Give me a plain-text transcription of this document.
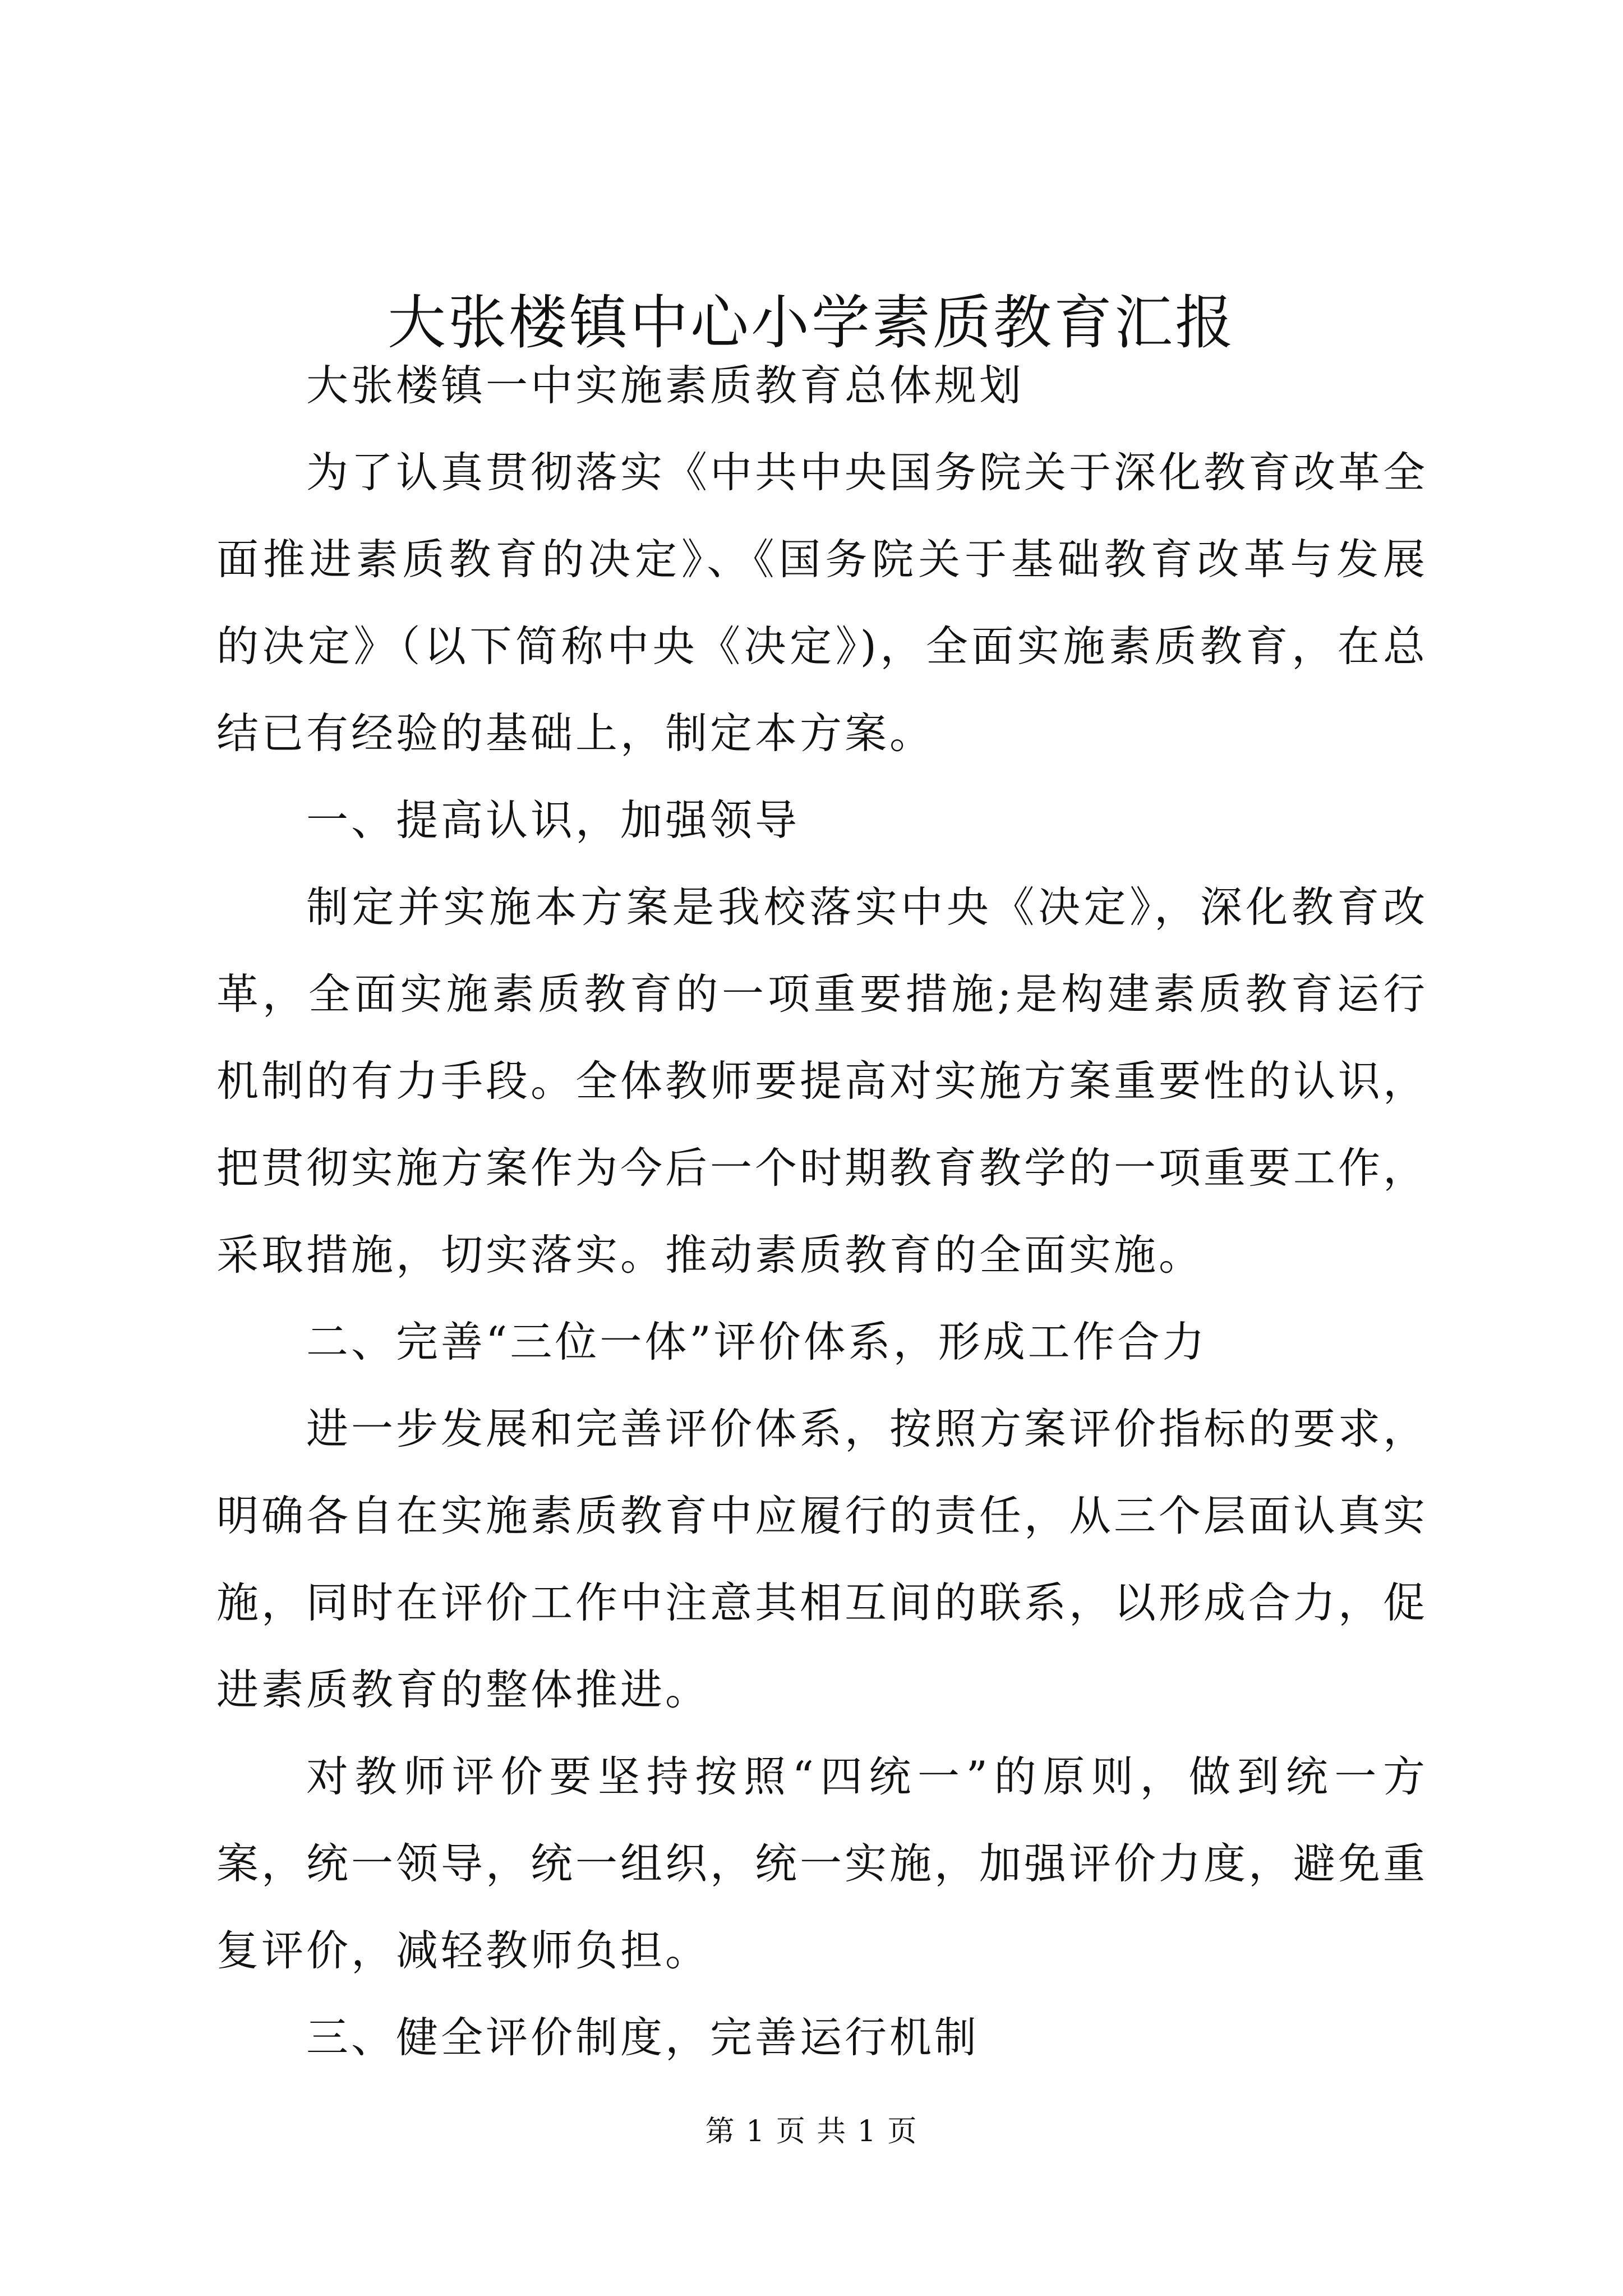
大张楼镇中心小学素质教育汇报

大张楼镇一中实施素质教育总体规划

为了认真贯彻落实《中共中央国务院关于深化教育改革全面推进素质教育的决定》、《国务院关于基础教育改革与发展的决定》（以下简称中央《决定》)，全面实施素质教育，在总结已有经验的基础上，制定本方案。

一、提高认识，加强领导

制定并实施本方案是我校落实中央《决定》，深化教育改革，全面实施素质教育的一项重要措施;是构建素质教育运行机制的有力手段。全体教师要提高对实施方案重要性的认识，把贯彻实施方案作为今后一个时期教育教学的一项重要工作，采取措施，切实落实。推动素质教育的全面实施。

二、完善“三位一体”评价体系，形成工作合力

进一步发展和完善评价体系，按照方案评价指标的要求，明确各自在实施素质教育中应履行的责任，从三个层面认真实施，同时在评价工作中注意其相互间的联系，以形成合力，促进素质教育的整体推进。

对教师评价要坚持按照“四统一”的原则，做到统一方案，统一领导，统一组织，统一实施，加强评价力度，避免重复评价，减轻教师负担。

三、健全评价制度，完善运行机制

第 1 页 共 1 页
